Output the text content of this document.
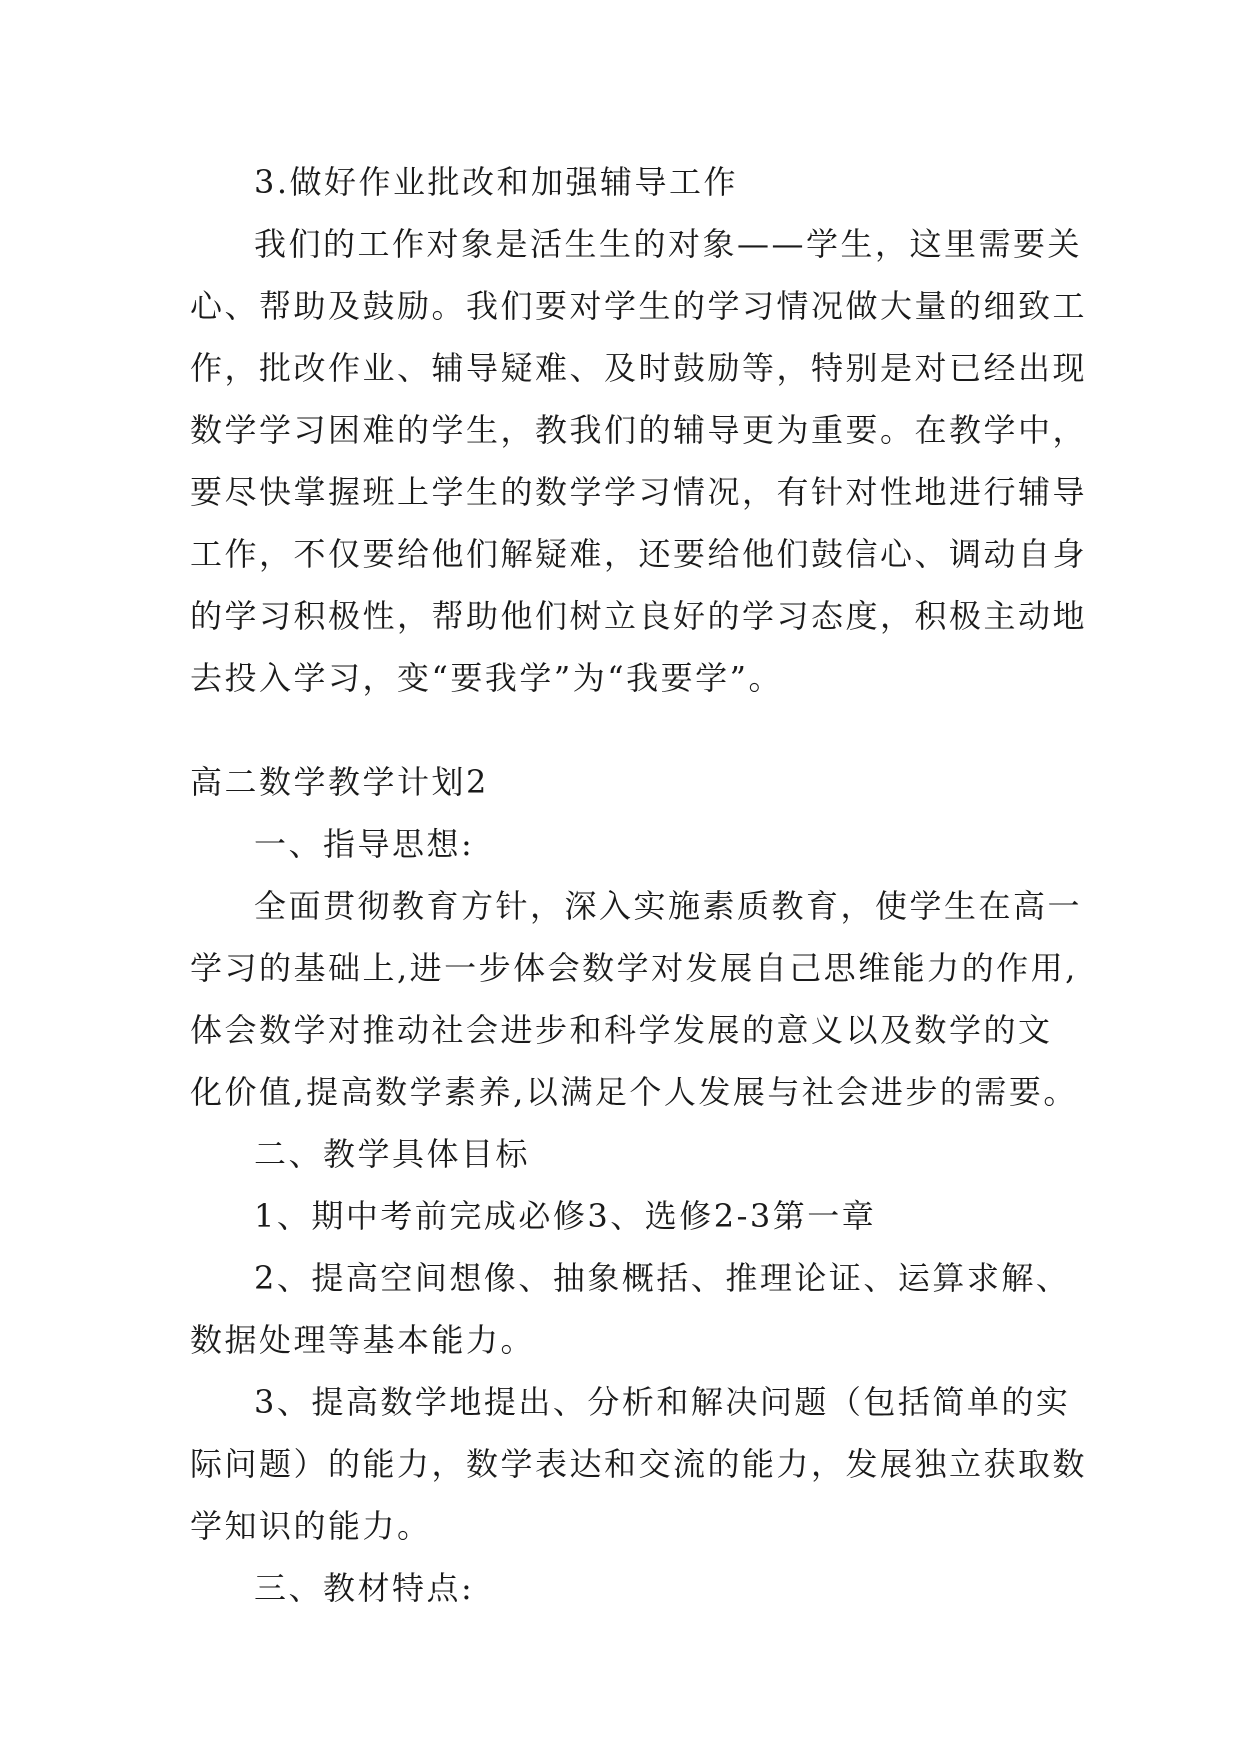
3.做好作业批改和加强辅导工作
我们的工作对象是活生生的对象——学生，这里需要关
心、帮助及鼓励。我们要对学生的学习情况做大量的细致工
作，批改作业、辅导疑难、及时鼓励等，特别是对已经出现
数学学习困难的学生，教我们的辅导更为重要。在教学中，
要尽快掌握班上学生的数学学习情况，有针对性地进行辅导
工作，不仅要给他们解疑难，还要给他们鼓信心、调动自身
的学习积极性，帮助他们树立良好的学习态度，积极主动地
去投入学习，变“要我学”为“我要学”。
高二数学教学计划2
一、指导思想:
全面贯彻教育方针，深入实施素质教育，使学生在高一
学习的基础上,进一步体会数学对发展自己思维能力的作用,
体会数学对推动社会进步和科学发展的意义以及数学的文
化价值,提高数学素养,以满足个人发展与社会进步的需要。
二、教学具体目标
1、期中考前完成必修3、选修2-3第一章
2、提高空间想像、抽象概括、推理论证、运算求解、
数据处理等基本能力。
3、提高数学地提出、分析和解决问题（包括简单的实
际问题）的能力，数学表达和交流的能力，发展独立获取数
学知识的能力。
三、教材特点:
